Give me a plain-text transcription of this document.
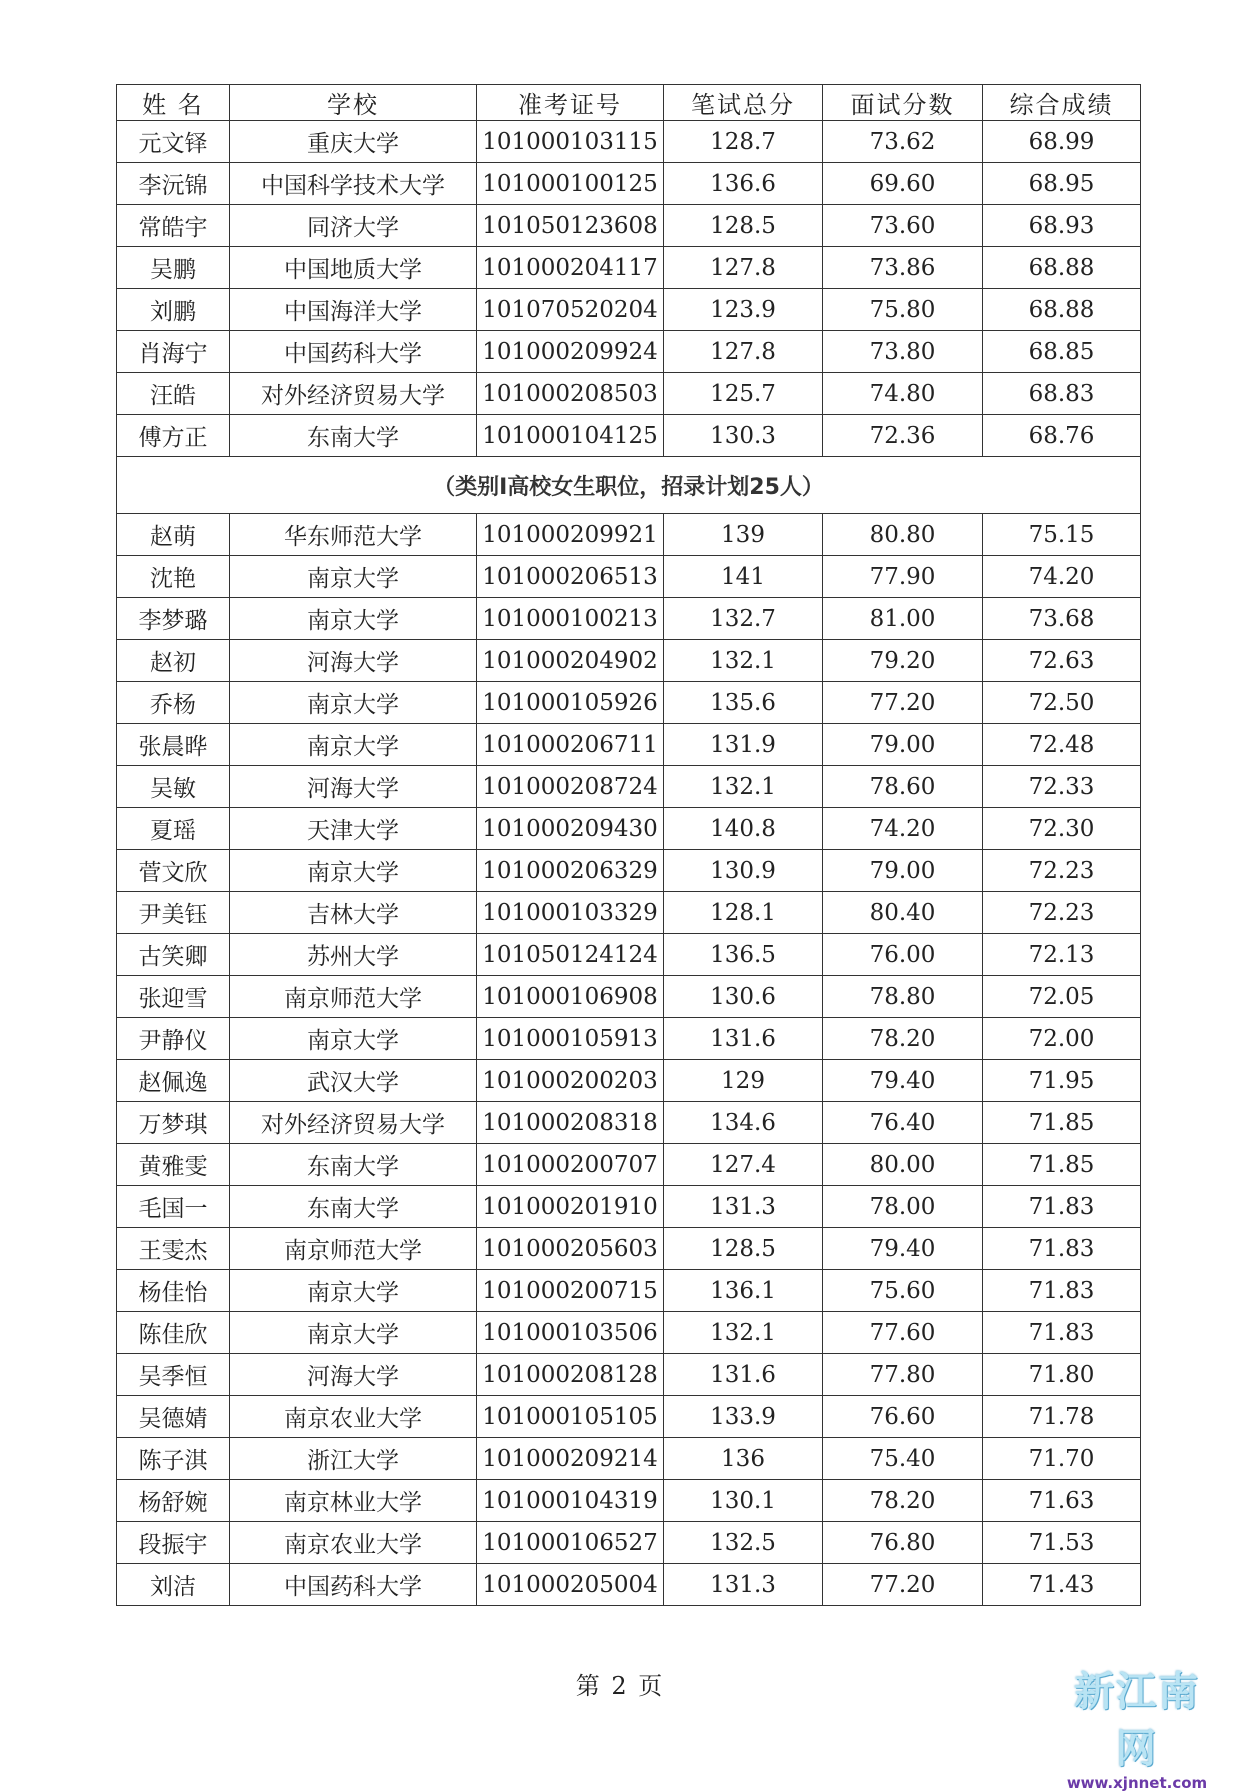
姓 名	学校	准考证号	笔试总分	面试分数	综合成绩
元文铎	重庆大学	101000103115	128.7	73.62	68.99
李沅锦	中国科学技术大学	101000100125	136.6	69.60	68.95
常皓宇	同济大学	101050123608	128.5	73.60	68.93
吴鹏	中国地质大学	101000204117	127.8	73.86	68.88
刘鹏	中国海洋大学	101070520204	123.9	75.80	68.88
肖海宁	中国药科大学	101000209924	127.8	73.80	68.85
汪皓	对外经济贸易大学	101000208503	125.7	74.80	68.83
傅方正	东南大学	101000104125	130.3	72.36	68.76
（类别I高校女生职位，招录计划25人）					
赵萌	华东师范大学	101000209921	139	80.80	75.15
沈艳	南京大学	101000206513	141	77.90	74.20
李梦璐	南京大学	101000100213	132.7	81.00	73.68
赵初	河海大学	101000204902	132.1	79.20	72.63
乔杨	南京大学	101000105926	135.6	77.20	72.50
张晨晔	南京大学	101000206711	131.9	79.00	72.48
吴敏	河海大学	101000208724	132.1	78.60	72.33
夏瑶	天津大学	101000209430	140.8	74.20	72.30
菅文欣	南京大学	101000206329	130.9	79.00	72.23
尹美钰	吉林大学	101000103329	128.1	80.40	72.23
古笑卿	苏州大学	101050124124	136.5	76.00	72.13
张迎雪	南京师范大学	101000106908	130.6	78.80	72.05
尹静仪	南京大学	101000105913	131.6	78.20	72.00
赵佩逸	武汉大学	101000200203	129	79.40	71.95
万梦琪	对外经济贸易大学	101000208318	134.6	76.40	71.85
黄雅雯	东南大学	101000200707	127.4	80.00	71.85
毛国一	东南大学	101000201910	131.3	78.00	71.83
王雯杰	南京师范大学	101000205603	128.5	79.40	71.83
杨佳怡	南京大学	101000200715	136.1	75.60	71.83
陈佳欣	南京大学	101000103506	132.1	77.60	71.83
吴季恒	河海大学	101000208128	131.6	77.80	71.80
吴德婧	南京农业大学	101000105105	133.9	76.60	71.78
陈子淇	浙江大学	101000209214	136	75.40	71.70
杨舒婉	南京林业大学	101000104319	130.1	78.20	71.63
段振宇	南京农业大学	101000106527	132.5	76.80	71.53
刘洁	中国药科大学	101000205004	131.3	77.20	71.43
第 2 页	新江南网
www.xjnnet.com
